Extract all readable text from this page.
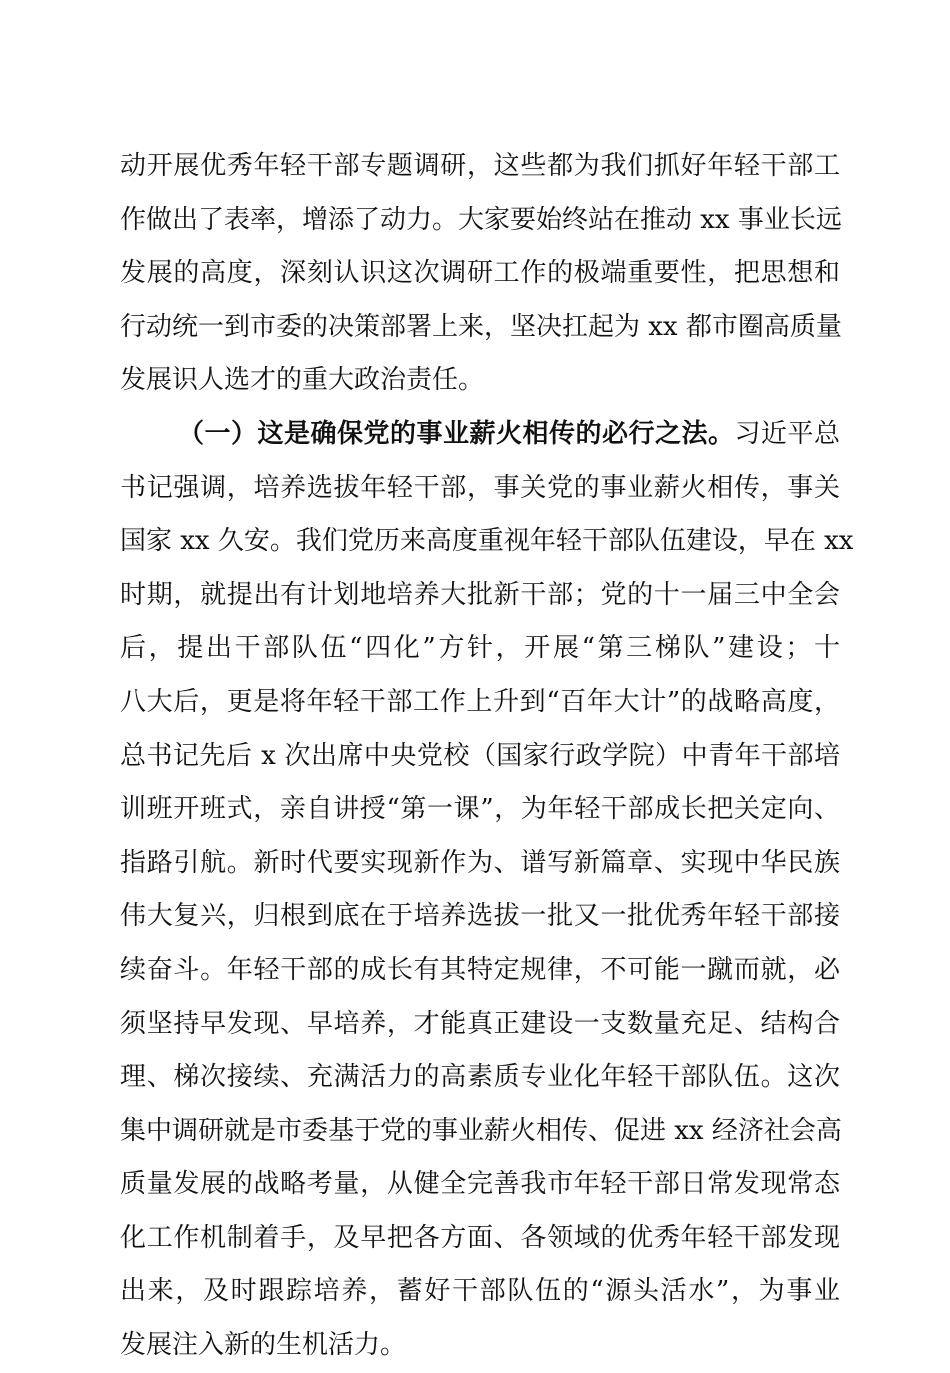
动开展优秀年轻干部专题调研，这些都为我们抓好年轻干部工
作做出了表率，增添了动力。大家要始终站在推动 xx 事业长远
发展的高度，深刻认识这次调研工作的极端重要性，把思想和
行动统一到市委的决策部署上来，坚决扛起为 xx 都市圈高质量
发展识人选才的重大政治责任。
（一）这是确保党的事业薪火相传的必行之法。习近平总
书记强调，培养选拔年轻干部，事关党的事业薪火相传，事关
国家 xx 久安。我们党历来高度重视年轻干部队伍建设，早在 xx
时期，就提出有计划地培养大批新干部；党的十一届三中全会
后，提出干部队伍“四化”方针，开展“第三梯队”建设；十
八大后，更是将年轻干部工作上升到“百年大计”的战略高度，
总书记先后 x 次出席中央党校（国家行政学院）中青年干部培
训班开班式，亲自讲授“第一课”，为年轻干部成长把关定向、
指路引航。新时代要实现新作为、谱写新篇章、实现中华民族
伟大复兴，归根到底在于培养选拔一批又一批优秀年轻干部接
续奋斗。年轻干部的成长有其特定规律，不可能一蹴而就，必
须坚持早发现、早培养，才能真正建设一支数量充足、结构合
理、梯次接续、充满活力的高素质专业化年轻干部队伍。这次
集中调研就是市委基于党的事业薪火相传、促进 xx 经济社会高
质量发展的战略考量，从健全完善我市年轻干部日常发现常态
化工作机制着手，及早把各方面、各领域的优秀年轻干部发现
出来，及时跟踪培养，蓄好干部队伍的“源头活水”，为事业
发展注入新的生机活力。
